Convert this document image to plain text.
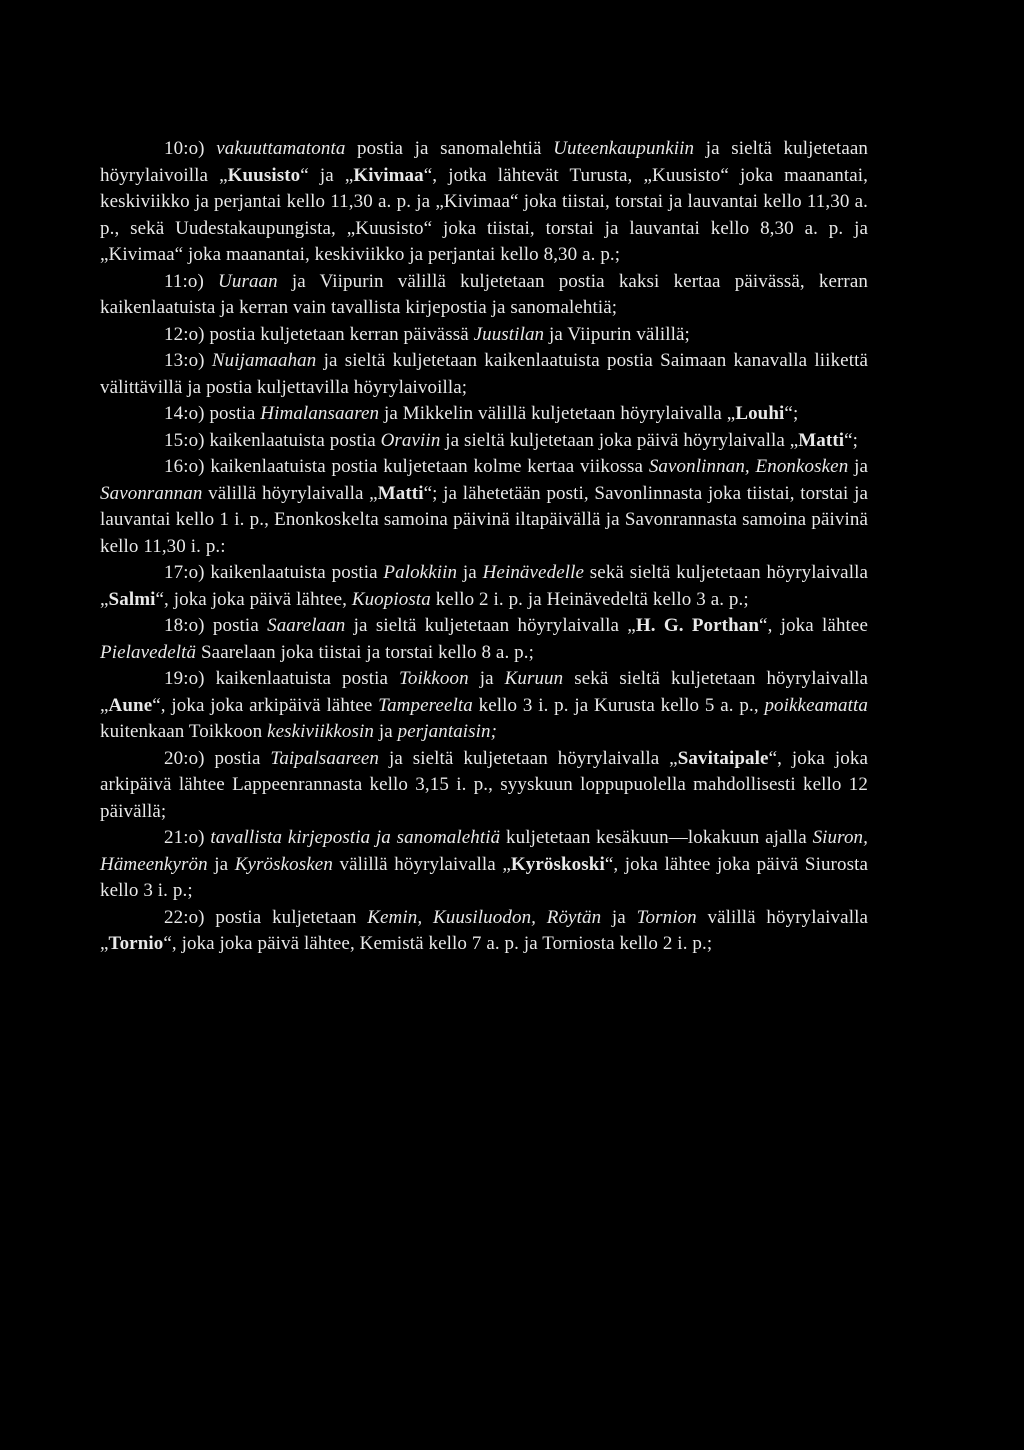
10:o) vakuuttamatonta postia ja sanomalehtiä Uuteenkaupunkiin ja sieltä kuljetetaan höyrylaivoilla „Kuusisto“ ja „Kivimaa“, jotka lähtevät Turusta, „Kuusisto“ joka maanantai, keskiviikko ja perjantai kello 11,30 a. p. ja „Kivimaa“ joka tiistai, torstai ja lauvantai kello 11,30 a. p., sekä Uudestakaupungista, „Kuusisto“ joka tiistai, torstai ja lauvantai kello 8,30 a. p. ja „Kivimaa“ joka maanantai, keskiviikko ja perjantai kello 8,30 a. p.;

11:o) Uuraan ja Viipurin välillä kuljetetaan postia kaksi kertaa päivässä, kerran kaikenlaatuista ja kerran vain tavallista kirjepostia ja sanomalehtiä;

12:o) postia kuljetetaan kerran päivässä Juustilan ja Viipurin välillä;

13:o) Nuijamaahan ja sieltä kuljetetaan kaikenlaatuista postia Saimaan kanavalla liikettä välittävillä ja postia kuljettavilla höyrylaivoilla;

14:o) postia Himalansaaren ja Mikkelin välillä kuljetetaan höyrylaivalla „Louhi“;

15:o) kaikenlaatuista postia Oraviin ja sieltä kuljetetaan joka päivä höyrylaivalla „Matti“;

16:o) kaikenlaatuista postia kuljetetaan kolme kertaa viikossa Savonlinnan, Enonkosken ja Savonrannan välillä höyrylaivalla „Matti“; ja lähetetään posti, Savonlinnasta joka tiistai, torstai ja lauvantai kello 1 i. p., Enonkoskelta samoina päivinä iltapäivällä ja Savonrannasta samoina päivinä kello 11,30 i. p.:

17:o) kaikenlaatuista postia Palokkiin ja Heinävedelle sekä sieltä kuljetetaan höyrylaivalla „Salmi“, joka joka päivä lähtee, Kuopiosta kello 2 i. p. ja Heinävedeltä kello 3 a. p.;

18:o) postia Saarelaan ja sieltä kuljetetaan höyrylaivalla „H. G. Porthan“, joka lähtee Pielavedeltä Saarelaan joka tiistai ja torstai kello 8 a. p.;

19:o) kaikenlaatuista postia Toikkoon ja Kuruun sekä sieltä kuljetetaan höyrylaivalla „Aune“, joka joka arkipäivä lähtee Tampereelta kello 3 i. p. ja Kurusta kello 5 a. p., poikkeamatta kuitenkaan Toikkoon keskiviikkosin ja perjantaisin;

20:o) postia Taipalsaareen ja sieltä kuljetetaan höyrylaivalla „Savitaipale“, joka joka arkipäivä lähtee Lappeenrannasta kello 3,15 i. p., syyskuun loppupuolella mahdollisesti kello 12 päivällä;

21:o) tavallista kirjepostia ja sanomalehtiä kuljetetaan kesäkuun—lokakuun ajalla Siuron, Hämeenkyrön ja Kyröskosken välillä höyrylaivalla „Kyröskoski“, joka lähtee joka päivä Siurosta kello 3 i. p.;

22:o) postia kuljetetaan Kemin, Kuusiluodon, Röytän ja Tornion välillä höyrylaivalla „Tornio“, joka joka päivä lähtee, Kemistä kello 7 a. p. ja Torniosta kello 2 i. p.;
